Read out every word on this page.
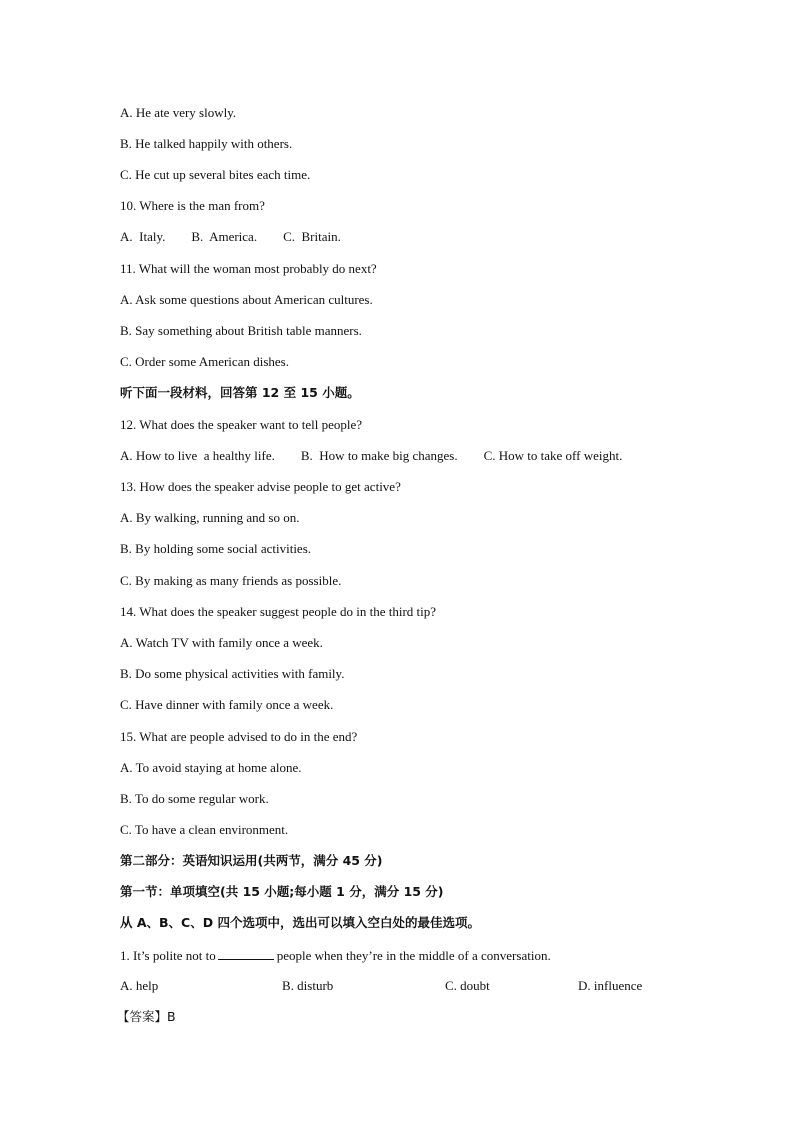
A. He ate very slowly.
B. He talked happily with others.
C. He cut up several bites each time.
10. Where is the man from?
A.  Italy.        B.  America.        C.  Britain.
11. What will the woman most probably do next?
A. Ask some questions about American cultures.
B. Say something about British table manners.
C. Order some American dishes.
听下面一段材料，回答第 12 至 15 小题。
12. What does the speaker want to tell people?
A. How to live  a healthy life.        B.  How to make big changes.        C. How to take off weight.
13. How does the speaker advise people to get active?
A. By walking, running and so on.
B. By holding some social activities.
C. By making as many friends as possible.
14. What does the speaker suggest people do in the third tip?
A. Watch TV with family once a week.
B. Do some physical activities with family.
C. Have dinner with family once a week.
15. What are people advised to do in the end?
A. To avoid staying at home alone.
B. To do some regular work.
C. To have a clean environment.
第二部分：英语知识运用(共两节，满分 45 分)
第一节：单项填空(共 15 小题;每小题 1 分，满分 15 分)
从 A、B、C、D 四个选项中，选出可以填入空白处的最佳选项。
1. It’s polite not to	people when they’re in the middle of a conversation.
A. help	B. disturb	C. doubt	D. influence
【答案】B
